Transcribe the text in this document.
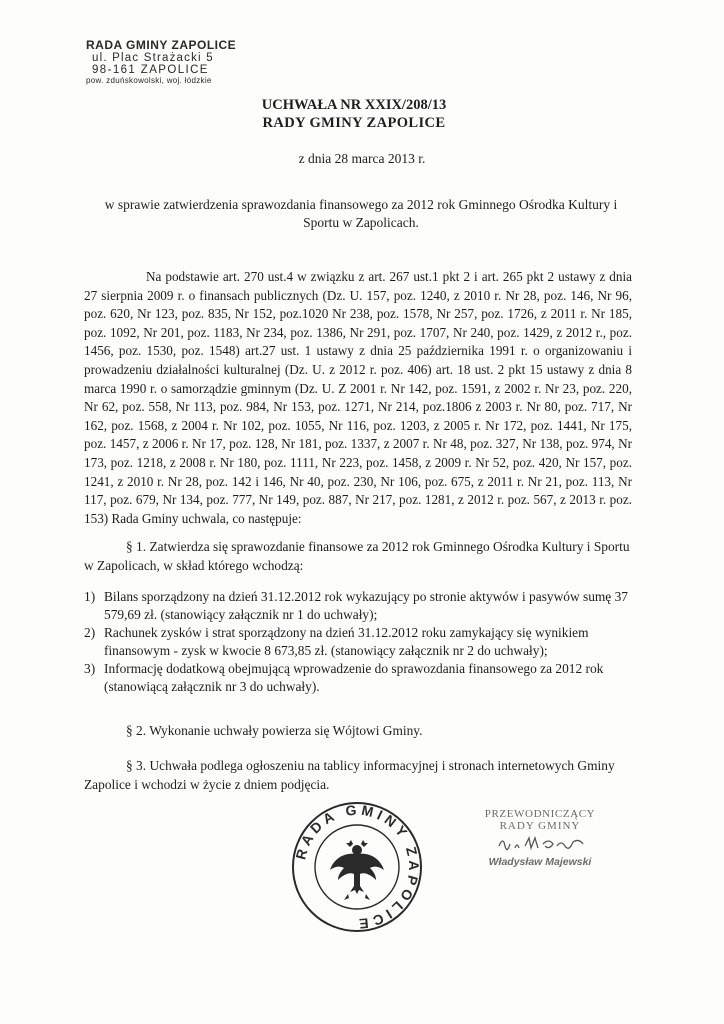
RADA GMINY ZAPOLICE
ul. Plac Strażacki 5
98-161 ZAPOLICE
pow. zduńskowolski, woj. łódzkie
UCHWAŁA NR XXIX/208/13
RADY GMINY ZAPOLICE
z dnia 28 marca 2013 r.
w sprawie zatwierdzenia sprawozdania finansowego za 2012 rok Gminnego Ośrodka Kultury i Sportu w Zapolicach.
Na podstawie art. 270 ust.4 w związku z art. 267 ust.1 pkt 2 i art. 265 pkt 2 ustawy z dnia 27 sierpnia 2009 r. o finansach publicznych (Dz. U. 157, poz. 1240, z 2010 r. Nr 28, poz. 146, Nr 96, poz. 620, Nr 123, poz. 835, Nr 152, poz.1020 Nr 238, poz. 1578, Nr 257, poz. 1726, z 2011 r. Nr 185, poz. 1092, Nr 201, poz. 1183, Nr 234, poz. 1386, Nr 291, poz. 1707, Nr 240, poz. 1429, z 2012 r., poz. 1456, poz. 1530, poz. 1548) art.27 ust. 1 ustawy z dnia 25 października 1991 r. o organizowaniu i prowadzeniu działalności kulturalnej (Dz. U. z 2012 r. poz. 406) art. 18 ust. 2 pkt 15 ustawy z dnia 8 marca 1990 r. o samorządzie gminnym (Dz. U. Z 2001 r. Nr 142, poz. 1591, z 2002 r. Nr 23, poz. 220, Nr 62, poz. 558, Nr 113, poz. 984, Nr 153, poz. 1271, Nr 214, poz.1806 z 2003 r. Nr 80, poz. 717, Nr 162, poz. 1568, z 2004 r. Nr 102, poz. 1055, Nr 116, poz. 1203, z 2005 r. Nr 172, poz. 1441, Nr 175, poz. 1457, z 2006 r. Nr 17, poz. 128, Nr 181, poz. 1337, z 2007 r. Nr 48, poz. 327, Nr 138, poz. 974, Nr 173, poz. 1218, z 2008 r. Nr 180, poz. 1111, Nr 223, poz. 1458, z 2009 r. Nr 52, poz. 420, Nr 157, poz. 1241, z 2010 r. Nr 28, poz. 142 i 146, Nr 40, poz. 230, Nr 106, poz. 675, z 2011 r. Nr 21, poz. 113, Nr 117, poz. 679, Nr 134, poz. 777, Nr 149, poz. 887, Nr 217, poz. 1281, z 2012 r. poz. 567, z 2013 r. poz. 153) Rada Gminy uchwala, co następuje:
§ 1. Zatwierdza się sprawozdanie finansowe za 2012 rok Gminnego Ośrodka Kultury i Sportu w Zapolicach, w skład którego wchodzą:
1) Bilans sporządzony na dzień 31.12.2012 rok wykazujący po stronie aktywów i pasywów sumę 37 579,69 zł. (stanowiący załącznik nr 1 do uchwały);
2) Rachunek zysków i strat sporządzony na dzień 31.12.2012 roku zamykający się wynikiem finansowym - zysk w kwocie 8 673,85 zł. (stanowiący załącznik nr 2 do uchwały);
3) Informację dodatkową obejmującą wprowadzenie do sprawozdania finansowego za 2012 rok (stanowiącą załącznik nr 3 do uchwały).
§ 2. Wykonanie uchwały powierza się Wójtowi Gminy.
§ 3. Uchwała podlega ogłoszeniu na tablicy informacyjnej i stronach internetowych Gminy Zapolice i wchodzi w życie z dniem podjęcia.
RADA GMINY ZAPOLICE
PRZEWODNICZĄCY
RADY GMINY
Władysław Majewski
